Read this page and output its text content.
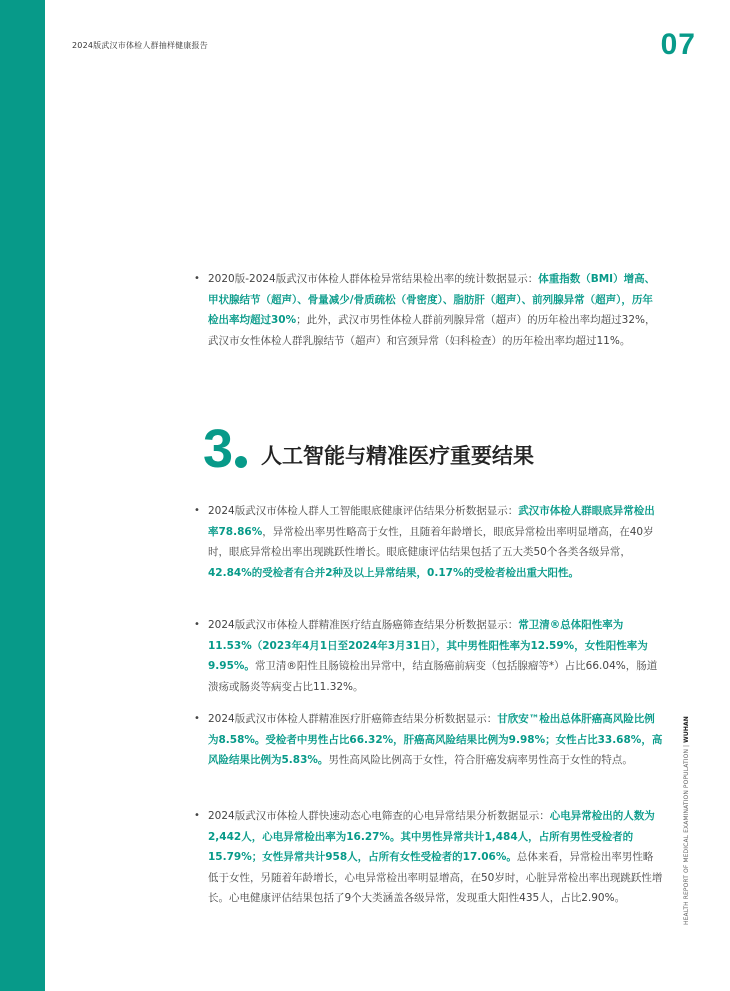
2024版武汉市体检人群抽样健康报告	07
• 2020版-2024版武汉市体检人群体检异常结果检出率的统计数据显示：体重指数（BMI）增高、甲状腺结节（超声）、骨量减少/骨质疏松（骨密度）、脂肪肝（超声）、前列腺异常（超声），历年检出率均超过30%；此外，武汉市男性体检人群前列腺异常（超声）的历年检出率均超过32%，武汉市女性体检人群乳腺结节（超声）和宫颈异常（妇科检查）的历年检出率均超过11%。
3 人工智能与精准医疗重要结果
• 2024版武汉市体检人群人工智能眼底健康评估结果分析数据显示：武汉市体检人群眼底异常检出率78.86%，异常检出率男性略高于女性，且随着年龄增长，眼底异常检出率明显增高，在40岁时，眼底异常检出率出现跳跃性增长。眼底健康评估结果包括了五大类50个各类各级异常，42.84%的受检者有合并2种及以上异常结果，0.17%的受检者检出重大阳性。
• 2024版武汉市体检人群精准医疗结直肠癌筛查结果分析数据显示：常卫清®总体阳性率为11.53%（2023年4月1日至2024年3月31日），其中男性阳性率为12.59%，女性阳性率为9.95%。常卫清®阳性且肠镜检出异常中，结直肠癌前病变（包括腺瘤等*）占比66.04%，肠道溃疡或肠炎等病变占比11.32%。
• 2024版武汉市体检人群精准医疗肝癌筛查结果分析数据显示：甘欣安™检出总体肝癌高风险比例为8.58%。受检者中男性占比66.32%，肝癌高风险结果比例为9.98%；女性占比33.68%，高风险结果比例为5.83%。男性高风险比例高于女性，符合肝癌发病率男性高于女性的特点。
• 2024版武汉市体检人群快速动态心电筛查的心电异常结果分析数据显示：心电异常检出的人数为2,442人，心电异常检出率为16.27%。其中男性异常共计1,484人，占所有男性受检者的15.79%；女性异常共计958人，占所有女性受检者的17.06%。总体来看，异常检出率男性略低于女性，另随着年龄增长，心电异常检出率明显增高，在50岁时，心脏异常检出率出现跳跃性增长。心电健康评估结果包括了9个大类涵盖各级异常，发现重大阳性435人，占比2.90%。	HEALTH REPORT OF MEDICAL EXAMINATION POPULATION | WUHAN
